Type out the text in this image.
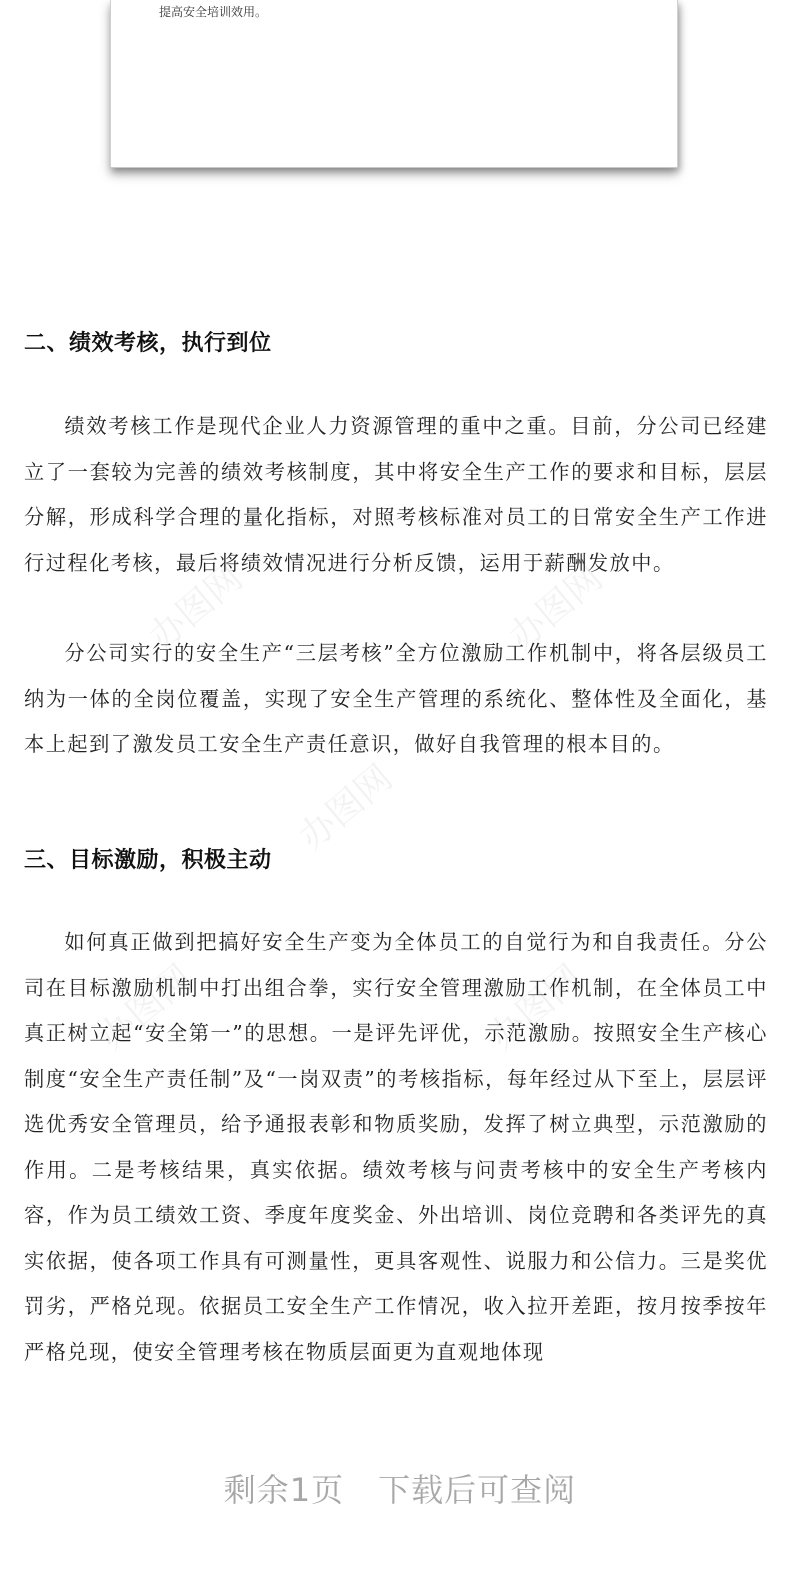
提高安全培训效用。
二、绩效考核，执行到位

绩效考核工作是现代企业人力资源管理的重中之重。目前，分公司已经建立了一套较为完善的绩效考核制度，其中将安全生产工作的要求和目标，层层分解，形成科学合理的量化指标，对照考核标准对员工的日常安全生产工作进行过程化考核，最后将绩效情况进行分析反馈，运用于薪酬发放中。

分公司实行的安全生产“三层考核”全方位激励工作机制中，将各层级员工纳为一体的全岗位覆盖，实现了安全生产管理的系统化、整体性及全面化，基本上起到了激发员工安全生产责任意识，做好自我管理的根本目的。

三、目标激励，积极主动

如何真正做到把搞好安全生产变为全体员工的自觉行为和自我责任。分公司在目标激励机制中打出组合拳，实行安全管理激励工作机制，在全体员工中真正树立起“安全第一”的思想。一是评先评优，示范激励。按照安全生产核心制度“安全生产责任制”及“一岗双责”的考核指标，每年经过从下至上，层层评选优秀安全管理员，给予通报表彰和物质奖励，发挥了树立典型，示范激励的作用。二是考核结果，真实依据。绩效考核与问责考核中的安全生产考核内容，作为员工绩效工资、季度年度奖金、外出培训、岗位竞聘和各类评先的真实依据，使各项工作具有可测量性，更具客观性、说服力和公信力。三是奖优罚劣，严格兑现。依据员工安全生产工作情况，收入拉开差距，按月按季按年严格兑现，使安全管理考核在物质层面更为直观地体现

办图网	办图网
办图网
办图网	办图网
剩余1页 下载后可查阅
